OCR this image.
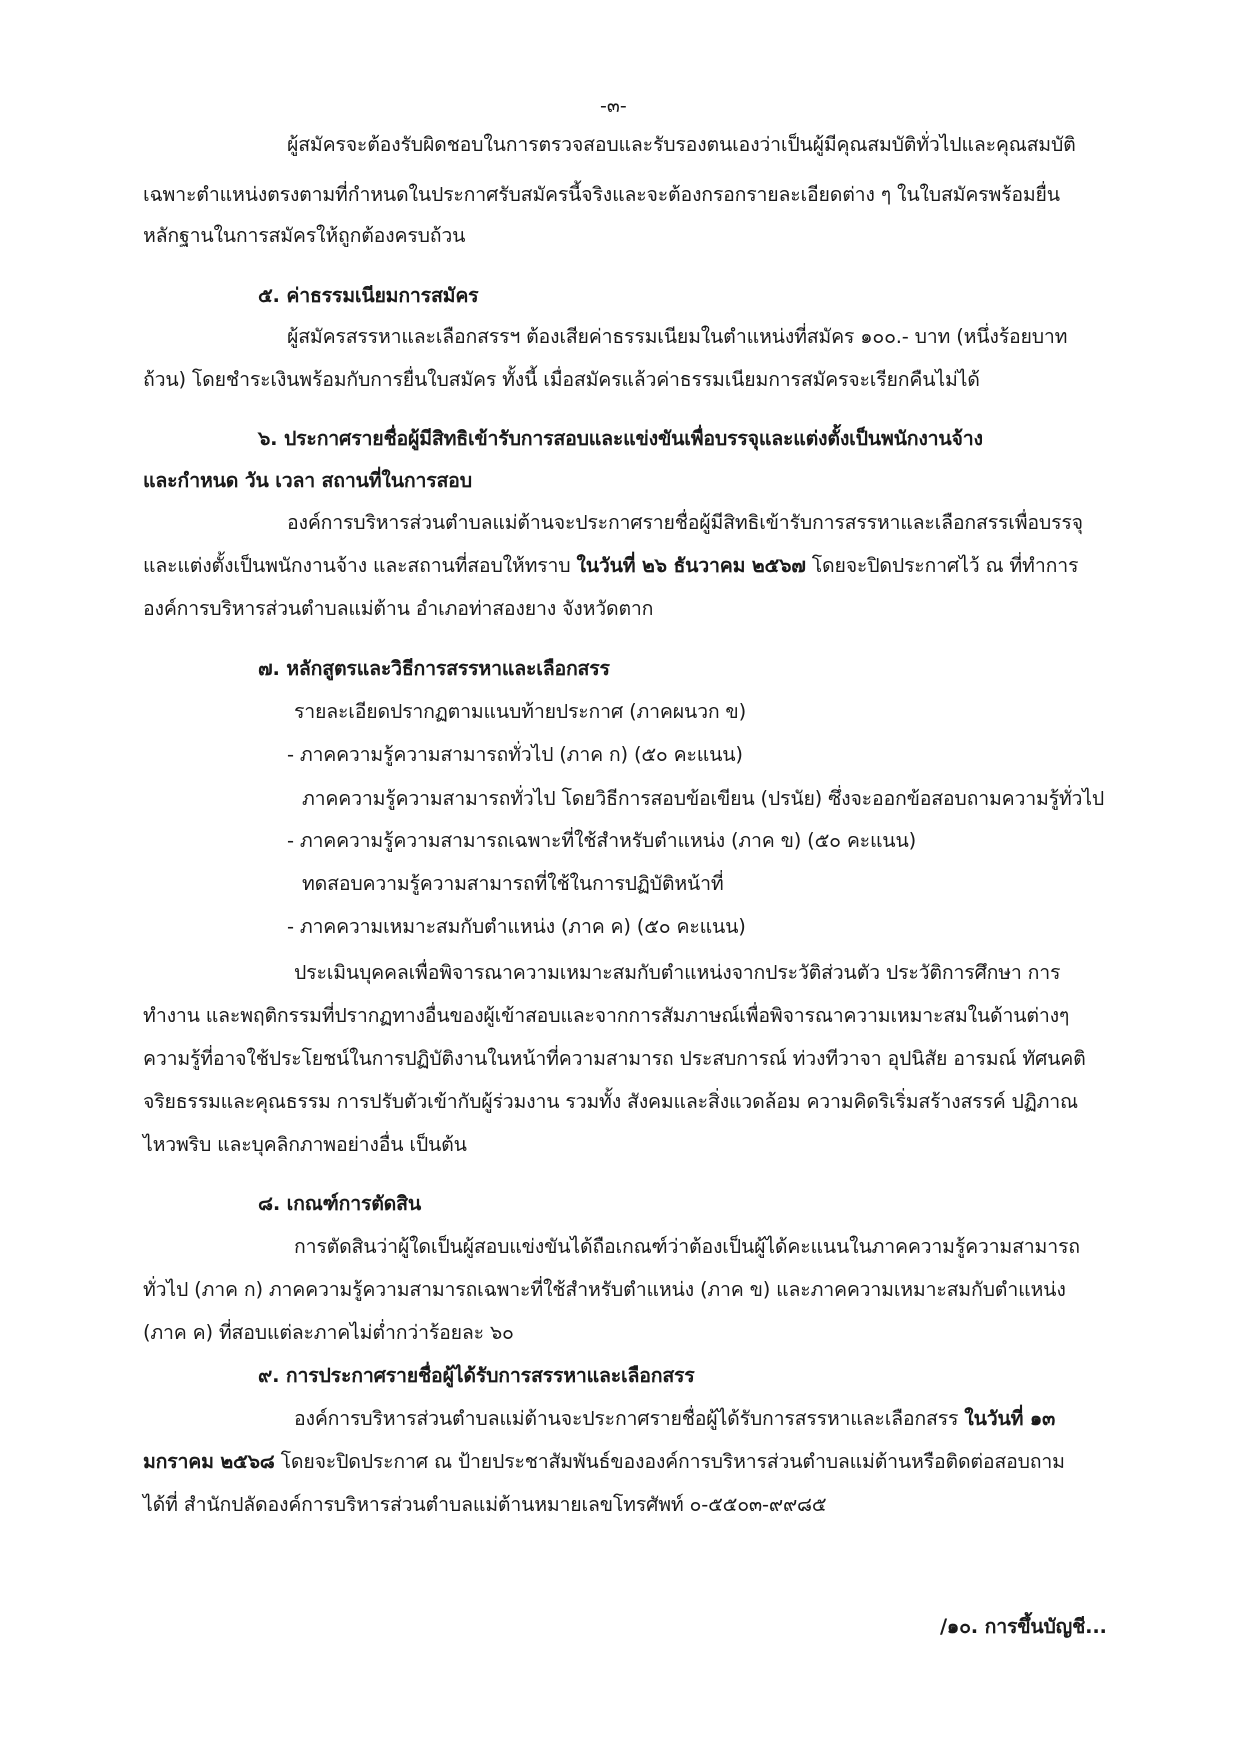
-๓-
ผู้สมัครจะต้องรับผิดชอบในการตรวจสอบและรับรองตนเองว่าเป็นผู้มีคุณสมบัติทั่วไปและคุณสมบัติ
เฉพาะตำแหน่งตรงตามที่กำหนดในประกาศรับสมัครนี้จริงและจะต้องกรอกรายละเอียดต่าง ๆ ในใบสมัครพร้อมยื่น
หลักฐานในการสมัครให้ถูกต้องครบถ้วน
๕. ค่าธรรมเนียมการสมัคร
ผู้สมัครสรรหาและเลือกสรรฯ ต้องเสียค่าธรรมเนียมในตำแหน่งที่สมัคร ๑๐๐.- บาท (หนึ่งร้อยบาท
ถ้วน) โดยชำระเงินพร้อมกับการยื่นใบสมัคร ทั้งนี้ เมื่อสมัครแล้วค่าธรรมเนียมการสมัครจะเรียกคืนไม่ได้
๖. ประกาศรายชื่อผู้มีสิทธิเข้ารับการสอบและแข่งขันเพื่อบรรจุและแต่งตั้งเป็นพนักงานจ้าง
และกำหนด วัน เวลา สถานที่ในการสอบ
องค์การบริหารส่วนตำบลแม่ต้านจะประกาศรายชื่อผู้มีสิทธิเข้ารับการสรรหาและเลือกสรรเพื่อบรรจุ
และแต่งตั้งเป็นพนักงานจ้าง และสถานที่สอบให้ทราบ ในวันที่ ๒๖ ธันวาคม ๒๕๖๗ โดยจะปิดประกาศไว้ ณ ที่ทำการ
องค์การบริหารส่วนตำบลแม่ต้าน อำเภอท่าสองยาง จังหวัดตาก
๗. หลักสูตรและวิธีการสรรหาและเลือกสรร
รายละเอียดปรากฏตามแนบท้ายประกาศ (ภาคผนวก ข)
- ภาคความรู้ความสามารถทั่วไป (ภาค ก) (๕๐ คะแนน)
ภาคความรู้ความสามารถทั่วไป โดยวิธีการสอบข้อเขียน (ปรนัย) ซึ่งจะออกข้อสอบถามความรู้ทั่วไป
- ภาคความรู้ความสามารถเฉพาะที่ใช้สำหรับตำแหน่ง (ภาค ข) (๕๐ คะแนน)
ทดสอบความรู้ความสามารถที่ใช้ในการปฏิบัติหน้าที่
- ภาคความเหมาะสมกับตำแหน่ง (ภาค ค) (๕๐ คะแนน)
ประเมินบุคคลเพื่อพิจารณาความเหมาะสมกับตำแหน่งจากประวัติส่วนตัว ประวัติการศึกษา การ
ทำงาน และพฤติกรรมที่ปรากฏทางอื่นของผู้เข้าสอบและจากการสัมภาษณ์เพื่อพิจารณาความเหมาะสมในด้านต่างๆ
ความรู้ที่อาจใช้ประโยชน์ในการปฏิบัติงานในหน้าที่ความสามารถ ประสบการณ์ ท่วงทีวาจา อุปนิสัย อารมณ์ ทัศนคติ
จริยธรรมและคุณธรรม การปรับตัวเข้ากับผู้ร่วมงาน รวมทั้ง สังคมและสิ่งแวดล้อม ความคิดริเริ่มสร้างสรรค์ ปฏิภาณ
ไหวพริบ และบุคลิกภาพอย่างอื่น เป็นต้น
๘. เกณฑ์การตัดสิน
การตัดสินว่าผู้ใดเป็นผู้สอบแข่งขันได้ถือเกณฑ์ว่าต้องเป็นผู้ได้คะแนนในภาคความรู้ความสามารถ
ทั่วไป (ภาค ก) ภาคความรู้ความสามารถเฉพาะที่ใช้สำหรับตำแหน่ง (ภาค ข) และภาคความเหมาะสมกับตำแหน่ง
(ภาค ค) ที่สอบแต่ละภาคไม่ต่ำกว่าร้อยละ ๖๐
๙. การประกาศรายชื่อผู้ได้รับการสรรหาและเลือกสรร
องค์การบริหารส่วนตำบลแม่ต้านจะประกาศรายชื่อผู้ได้รับการสรรหาและเลือกสรร ในวันที่ ๑๓
มกราคม ๒๕๖๘ โดยจะปิดประกาศ ณ ป้ายประชาสัมพันธ์ขององค์การบริหารส่วนตำบลแม่ต้านหรือติดต่อสอบถาม
ได้ที่ สำนักปลัดองค์การบริหารส่วนตำบลแม่ต้านหมายเลขโทรศัพท์ ๐-๕๕๐๓-๙๙๘๕
/๑๐. การขึ้นบัญชี...
